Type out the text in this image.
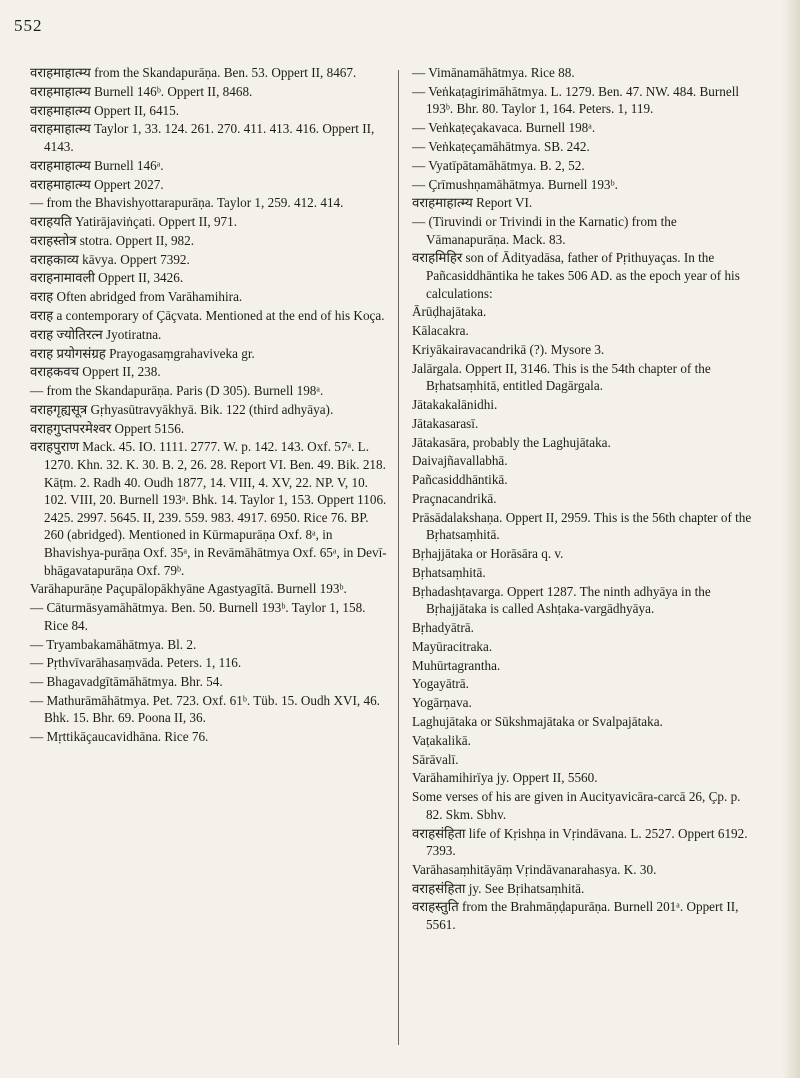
552
वराहमाहात्म्य from the Skandapurāṇa. Ben. 53. Oppert II, 8467.
वराहमाहात्म्य Burnell 146ᵇ. Oppert II, 8468.
वराहमाहात्म्य Oppert II, 6415.
वराहमाहात्म्य Taylor 1, 33. 124. 261. 270. 411. 413. 416. Oppert II, 4143.
वराहमाहात्म्य Burnell 146ᵃ.
वराहमाहात्म्य Oppert 2027.
— from the Bhavishyottarapurāṇa. Taylor 1, 259. 412. 414.
वराहयति Yatirājaviṅçati. Oppert II, 971.
वराहस्तोत्र stotra. Oppert II, 982.
वराहकाव्य kāvya. Oppert 7392.
वराहनामावली Oppert II, 3426.
वराह Often abridged from Varāhamihira.
वराह a contemporary of Çāçvata. Mentioned at the end of his Koça.
वराह ज्योतिरत्न Jyotiratna.
वराह प्रयोगसंग्रह Prayogasaṃgrahaviveka gr.
वराहकवच Oppert II, 238.
— from the Skandapurāṇa. Paris (D 305). Burnell 198ᵃ.
वराहगृह्यसूत्र Gṛhyasūtravyākhyā. Bik. 122 (third adhyāya).
वराहगुप्तपरमेश्वर Oppert 5156.
वराहपुराण Mack. 45. IO. 1111. 2777. W. p. 142. 143. Oxf. 57ᵃ. L. 1270. Khn. 32. K. 30. B. 2, 26. 28. Report VI. Ben. 49. Bik. 218. Kāṭm. 2. Radh 40. Oudh 1877, 14. VIII, 4. XV, 22. NP. V, 10. 102. VIII, 20. Burnell 193ᵃ. Bhk. 14. Taylor 1, 153. Oppert 1106. 2425. 2997. 5645. II, 239. 559. 983. 4917. 6950. Rice 76. BP. 260 (abridged). Mentioned in Kūrmapurāṇa Oxf. 8ᵃ, in Bhavishya-purāṇa Oxf. 35ᵃ, in Revāmāhātmya Oxf. 65ᵃ, in Devī-bhāgavatapurāṇa Oxf. 79ᵇ.
Varāhapurāṇe Paçupālopākhyāne Agastyagītā. Burnell 193ᵇ.
— Cāturmāsyamāhātmya. Ben. 50. Burnell 193ᵇ. Taylor 1, 158. Rice 84.
— Tryambakamāhātmya. Bl. 2.
— Pṛthvīvarāhasaṃvāda. Peters. 1, 116.
— Bhagavadgītāmāhātmya. Bhr. 54.
— Mathurāmāhātmya. Pet. 723. Oxf. 61ᵇ. Tüb. 15. Oudh XVI, 46. Bhk. 15. Bhr. 69. Poona II, 36.
— Mṛttikāçaucavidhāna. Rice 76.
— Vimānamāhātmya. Rice 88.
— Veṅkaṭagirimāhātmya. L. 1279. Ben. 47. NW. 484. Burnell 193ᵇ. Bhr. 80. Taylor 1, 164. Peters. 1, 119.
— Veṅkaṭeçakavaca. Burnell 198ᵃ.
— Veṅkaṭeçamāhātmya. SB. 242.
— Vyatīpātamāhātmya. B. 2, 52.
— Çrīmushṇamāhātmya. Burnell 193ᵇ.
वराहमाहात्म्य Report VI.
— (Tiruvindi or Trivindi in the Karnatic) from the Vāmanapurāṇa. Mack. 83.
वराहमिहिर son of Ādityadāsa, father of Pṛithuyaças. In the Pañcasiddhāntika he takes 506 AD. as the epoch year of his calculations:
Ārūḍhajātaka.
Kālacakra.
Kriyākairavacandrikā (?). Mysore 3.
Jalārgala. Oppert II, 3146. This is the 54th chapter of the Bṛhatsaṃhitā, entitled Dagārgala.
Jātakakalānidhi.
Jātakasarasī.
Jātakasāra, probably the Laghujātaka.
Daivajñavallabhā.
Pañcasiddhāntikā.
Praçnacandrikā.
Prāsādalakshaṇa. Oppert II, 2959. This is the 56th chapter of the Bṛhatsaṃhitā.
Bṛhajjātaka or Horāsāra q. v.
Bṛhatsaṃhitā.
Bṛhadashṭavarga. Oppert 1287. The ninth adhyāya in the Bṛhajjātaka is called Ashṭaka-vargādhyāya.
Bṛhadyātrā.
Mayūracitraka.
Muhūrtagrantha.
Yogayātrā.
Yogārṇava.
Laghujātaka or Sūkshmajātaka or Svalpajātaka.
Vaṭakalikā.
Sārāvalī.
Varāhamihirīya jy. Oppert II, 5560.
Some verses of his are given in Aucityavicāra-carcā 26, Çp. p. 82. Skm. Sbhv.
वराहसंहिता life of Kṛishṇa in Vṛindāvana. L. 2527. Oppert 6192. 7393.
Varāhasaṃhitāyāṃ Vṛindāvanarahasya. K. 30.
वराहसंहिता jy. See Bṛihatsaṃhitā.
वराहस्तुति from the Brahmāṇḍapurāṇa. Burnell 201ᵃ. Oppert II, 5561.
